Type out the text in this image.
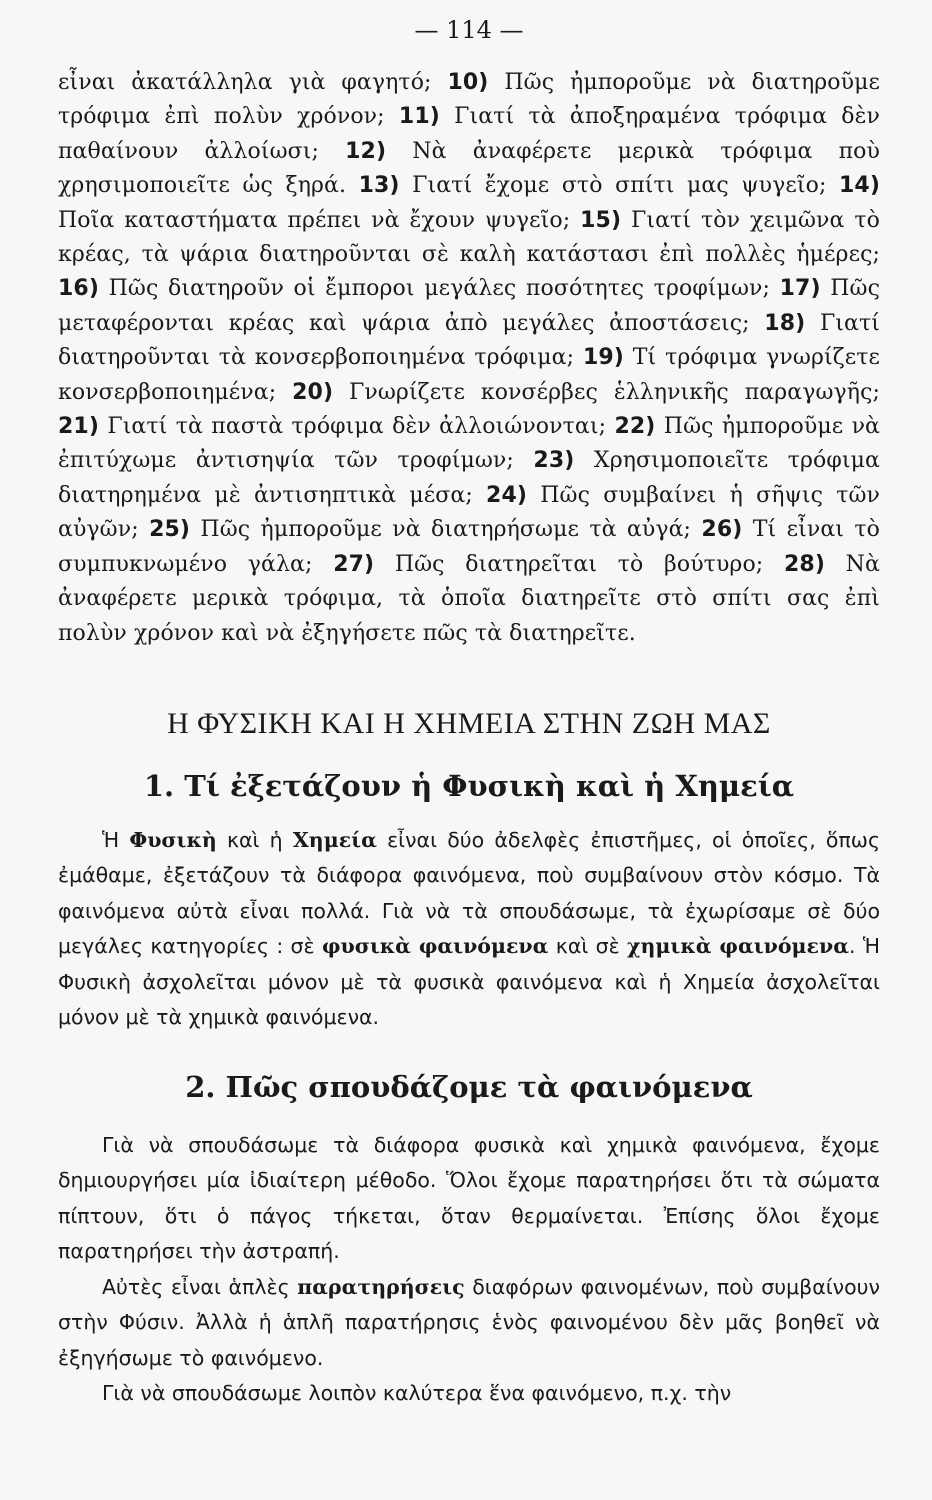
— 114 —

εἶναι ἀκατάλληλα γιὰ φαγητό; 10) Πῶς ἠμποροῦμε νὰ διατηροῦμε τρόφιμα ἐπὶ πολὺν χρόνον; 11) Γιατί τὰ ἀποξηραμένα τρόφιμα δὲν παθαίνουν ἀλλοίωσι; 12) Νὰ ἀναφέρετε μερικὰ τρόφιμα ποὺ χρησιμοποιεῖτε ὡς ξηρά. 13) Γιατί ἔχομε στὸ σπίτι μας ψυγεῖο; 14) Ποῖα καταστήματα πρέπει νὰ ἔχουν ψυγεῖο; 15) Γιατί τὸν χειμῶνα τὸ κρέας, τὰ ψάρια διατηροῦνται σὲ καλὴ κατάστασι ἐπὶ πολλὲς ἡμέρες; 16) Πῶς διατηροῦν οἱ ἔμποροι μεγάλες ποσότητες τροφίμων; 17) Πῶς μεταφέρονται κρέας καὶ ψάρια ἀπὸ μεγάλες ἀποστάσεις; 18) Γιατί διατηροῦνται τὰ κονσερβοποιημένα τρόφιμα; 19) Τί τρόφιμα γνωρίζετε κονσερβοποιημένα; 20) Γνωρίζετε κονσέρβες ἑλληνικῆς παραγωγῆς; 21) Γιατί τὰ παστὰ τρόφιμα δὲν ἀλλοιώνονται; 22) Πῶς ἠμποροῦμε νὰ ἐπιτύχωμε ἀντισηψία τῶν τροφίμων; 23) Χρησιμοποιεῖτε τρόφιμα διατηρημένα μὲ ἀντισηπτικὰ μέσα; 24) Πῶς συμβαίνει ἡ σῆψις τῶν αὐγῶν; 25) Πῶς ἠμποροῦμε νὰ διατηρήσωμε τὰ αὐγά; 26) Τί εἶναι τὸ συμπυκνωμένο γάλα; 27) Πῶς διατηρεῖται τὸ βούτυρο; 28) Νὰ ἀναφέρετε μερικὰ τρόφιμα, τὰ ὁποῖα διατηρεῖτε στὸ σπίτι σας ἐπὶ πολὺν χρόνον καὶ νὰ ἐξηγήσετε πῶς τὰ διατηρεῖτε.

Η ΦΥΣΙΚΗ ΚΑΙ Η ΧΗΜΕΙΑ ΣΤΗΝ ΖΩΗ ΜΑΣ
1. Τί ἐξετάζουν ἡ Φυσικὴ καὶ ἡ Χημεία

Ἡ Φυσικὴ καὶ ἡ Χημεία εἶναι δύο ἀδελφὲς ἐπιστῆμες, οἱ ὁποῖες, ὅπως ἐμάθαμε, ἐξετάζουν τὰ διάφορα φαινόμενα, ποὺ συμβαίνουν στὸν κόσμο. Τὰ φαινόμενα αὐτὰ εἶναι πολλά. Γιὰ νὰ τὰ σπουδάσωμε, τὰ ἐχωρίσαμε σὲ δύο μεγάλες κατηγορίες : σὲ φυσικὰ φαινόμενα καὶ σὲ χημικὰ φαινόμενα. Ἡ Φυσικὴ ἀσχολεῖται μόνον μὲ τὰ φυσικὰ φαινόμενα καὶ ἡ Χημεία ἀσχολεῖται μόνον μὲ τὰ χημικὰ φαινόμενα.

2. Πῶς σπουδάζομε τὰ φαινόμενα

Γιὰ νὰ σπουδάσωμε τὰ διάφορα φυσικὰ καὶ χημικὰ φαινόμενα, ἔχομε δημιουργήσει μία ἰδιαίτερη μέθοδο. Ὅλοι ἔχομε παρατηρήσει ὅτι τὰ σώματα πίπτουν, ὅτι ὁ πάγος τήκεται, ὅταν θερμαίνεται. Ἐπίσης ὅλοι ἔχομε παρατηρήσει τὴν ἀστραπή.

Αὐτὲς εἶναι ἁπλὲς παρατηρήσεις διαφόρων φαινομένων, ποὺ συμβαίνουν στὴν Φύσιν. Ἀλλὰ ἡ ἁπλῆ παρατήρησις ἑνὸς φαινομένου δὲν μᾶς βοηθεῖ νὰ ἐξηγήσωμε τὸ φαινόμενο.

Γιὰ νὰ σπουδάσωμε λοιπὸν καλύτερα ἕνα φαινόμενο, π.χ. τὴν
